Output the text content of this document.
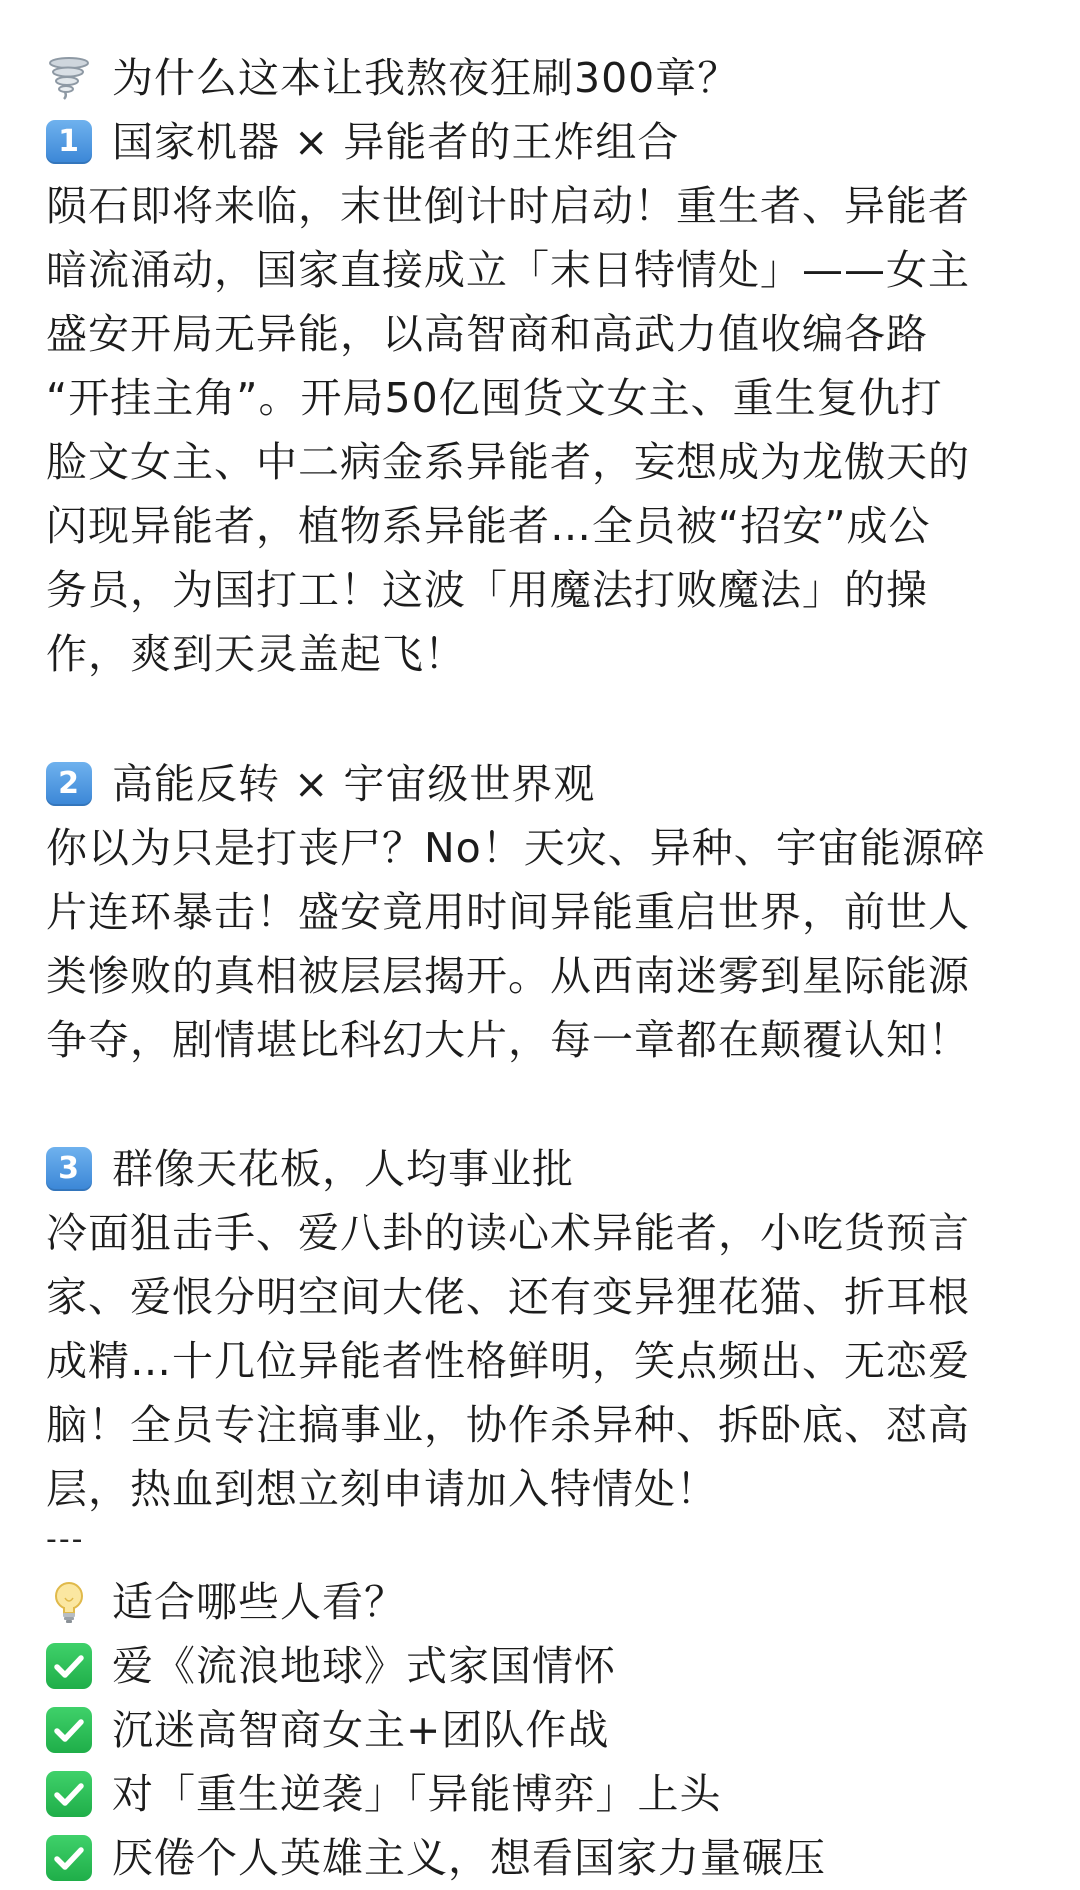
为什么这本让我熬夜狂刷300章？
1 国家机器 × 异能者的王炸组合
陨石即将来临，末世倒计时启动！重生者、异能者
暗流涌动，国家直接成立「末日特情处」——女主
盛安开局无异能，以高智商和高武力值收编各路
“开挂主角”。开局50亿囤货文女主、重生复仇打
脸文女主、中二病金系异能者，妄想成为龙傲天的
闪现异能者，植物系异能者…全员被“招安”成公
务员，为国打工！这波「用魔法打败魔法」的操
作，爽到天灵盖起飞！
2 高能反转 × 宇宙级世界观
你以为只是打丧尸？No！天灾、异种、宇宙能源碎
片连环暴击！盛安竟用时间异能重启世界，前世人
类惨败的真相被层层揭开。从西南迷雾到星际能源
争夺，剧情堪比科幻大片，每一章都在颠覆认知！
3 群像天花板，人均事业批
冷面狙击手、爱八卦的读心术异能者，小吃货预言
家、爱恨分明空间大佬、还有变异狸花猫、折耳根
成精…十几位异能者性格鲜明，笑点频出、无恋爱
脑！全员专注搞事业，协作杀异种、拆卧底、怼高
层，热血到想立刻申请加入特情处！
---
适合哪些人看？
爱《流浪地球》式家国情怀
沉迷高智商女主+团队作战
对「重生逆袭」「异能博弈」上头
厌倦个人英雄主义，想看国家力量碾压
